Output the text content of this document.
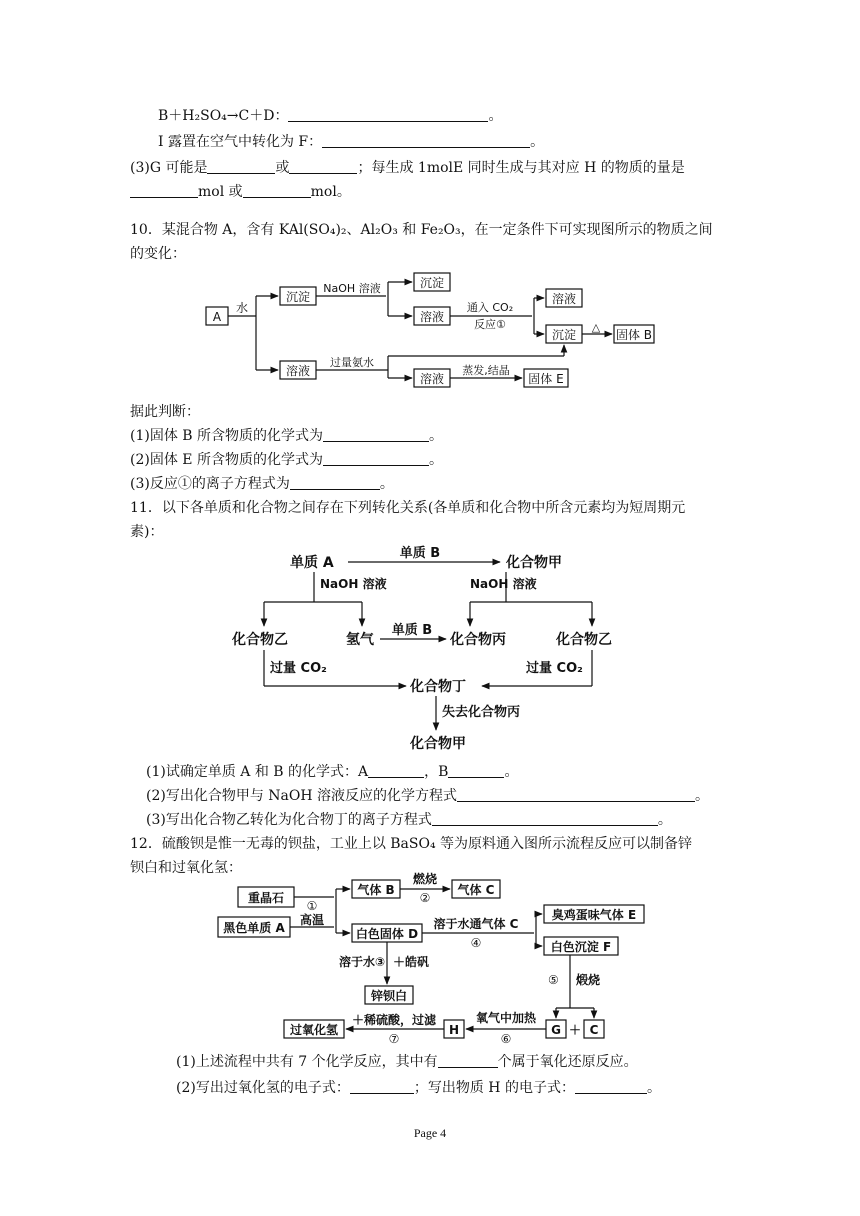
B＋H₂SO₄→C＋D：	。
I 露置在空气中转化为 F：	。
(3)G 可能是	或	；每生成 1molE 同时生成与其对应 H 的物质的量是
mol 或	mol。
10．某混合物 A，含有 KAl(SO₄)₂、Al₂O₃ 和 Fe₂O₃，在一定条件下可实现图所示的物质之间
的变化：
A
水
沉淀
NaOH 溶液	沉淀
溶液
通入 CO₂
反应①
溶液
沉淀
△
固体 B
溶液
过量氨水
溶液
蒸发,结晶
固体 E
据此判断：
(1)固体 B 所含物质的化学式为	。
(2)固体 E 所含物质的化学式为	。
(3)反应①的离子方程式为	。
11．以下各单质和化合物之间存在下列转化关系(各单质和化合物中所含元素均为短周期元
素)：
单质 A
单质 B
化合物甲
NaOH 溶液	NaOH 溶液
化合物乙	氢气
单质 B
化合物丙	化合物乙
过量 CO₂	过量 CO₂
化合物丁
失去化合物丙
化合物甲
(1)试确定单质 A 和 B 的化学式：A	，B	。
(2)写出化合物甲与 NaOH 溶液反应的化学方程式	。
(3)写出化合物乙转化为化合物丁的离子方程式	。
12．硫酸钡是惟一无毒的钡盐，工业上以 BaSO₄ 等为原料通入图所示流程反应可以制备锌
钡白和过氧化氢：
重晶石
黑色单质 A
①
高温
气体 B
燃烧
②
气体 C
白色固体 D
溶于水通气体 C
④
臭鸡蛋味气体 E
白色沉淀 F
溶于水③ ＋皓矾
锌钡白
⑤ 煅烧
G ＋ C
氧气中加热
⑥
H
＋稀硫酸，过滤
⑦
过氧化氢
(1)上述流程中共有 7 个化学反应，其中有	个属于氧化还原反应。
(2)写出过氧化氢的电子式：	；写出物质 H 的电子式：	。
Page 4
